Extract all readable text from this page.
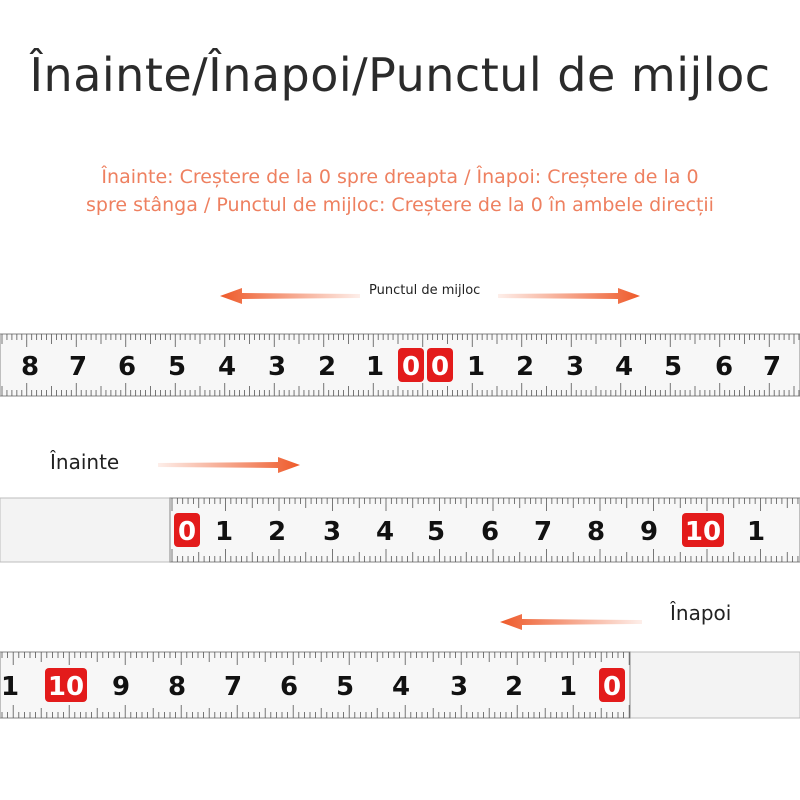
Înainte/Înapoi/Punctul de mijloc
Înainte: Creștere de la 0 spre dreapta / Înapoi: Creștere de la 0
spre stânga / Punctul de mijloc: Creștere de la 0 în ambele direcții
Punctul de mijloc
8 7 6 5 4 3 2 1 0 0 1 2 3 4 5 6 7
Înainte
0 1 2 3 4 5 6 7 8 9 10 1
Înapoi
1 10 9 8 7 6 5 4 3 2 1 0
